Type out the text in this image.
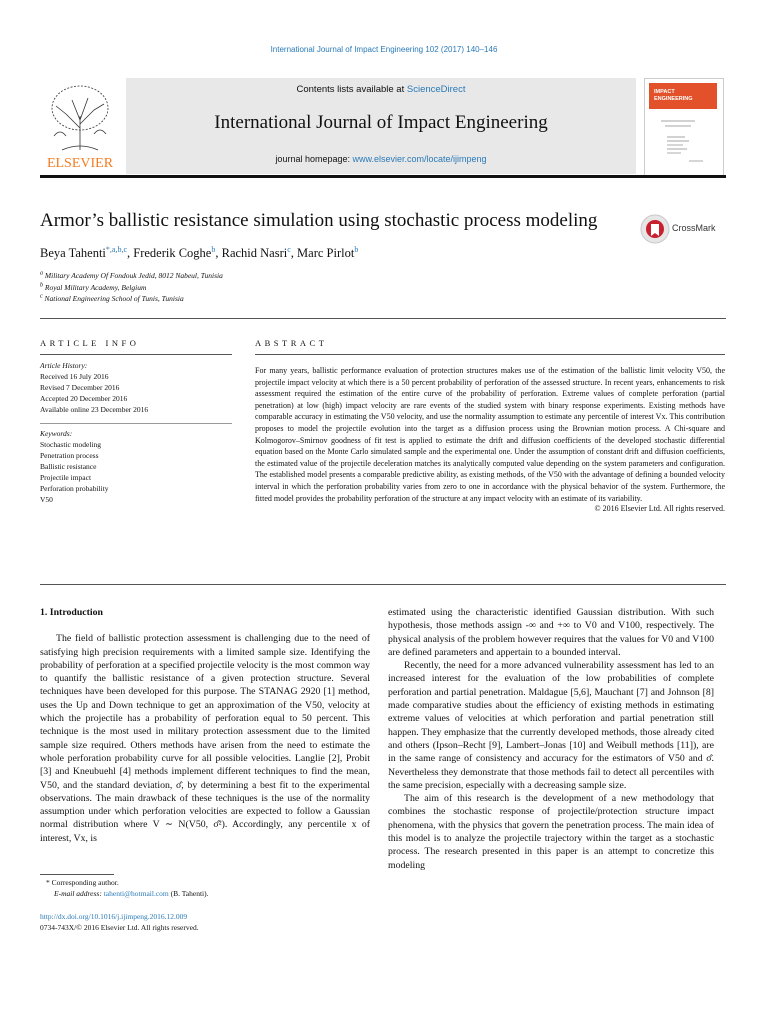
International Journal of Impact Engineering 102 (2017) 140–146
ELSEVIER
Contents lists available at ScienceDirect
International Journal of Impact Engineering
journal homepage: www.elsevier.com/locate/ijimpeng
IMPACT
ENGINEERING
Armor’s ballistic resistance simulation using stochastic process modeling	CrossMark
Beya Tahenti$^{*,a,b,c}$, Frederik Coghe$^b$, Rachid Nasri$^c$, Marc Pirlot$^b$
$^a$ Military Academy Of Fondouk Jedid, 8012 Nabeul, Tunisia
$^b$ Royal Military Academy, Belgium
$^c$ National Engineering School of Tunis, Tunisia
ARTICLE INFO
Article History:
Received 16 July 2016
Revised 7 December 2016
Accepted 20 December 2016
Available online 23 December 2016
Keywords:
Stochastic modeling
Penetration process
Ballistic resistance
Projectile impact
Perforation probability
V50
ABSTRACT
For many years, ballistic performance evaluation of protection structures makes use of the estimation of the ballistic limit velocity V50, the projectile impact velocity at which there is a 50 percent probability of perforation of the assessed structure. In recent years, enhancements to risk assessment required the estimation of the entire curve of the probability of perforation. Extreme values of complete perforation (partial penetration) at low (high) impact velocity are rare events of the studied system with binary response experiments. Existing methods have comparable accuracy in estimating the V50 velocity, and use the normality assumption to estimate any percentile of interest Vx. This contribution proposes to model the projectile evolution into the target as a diffusion process using the Brownian motion process. A Chi-square and Kolmogorov–Smirnov goodness of fit test is applied to estimate the drift and diffusion coefficients of the developed stochastic differential equation based on the Monte Carlo simulated sample and the experimental one. Under the assumption of constant drift and diffusion coefficients, the estimated value of the projectile deceleration matches its analytically computed value depending on the system parameters and configuration. The established model presents a comparable predictive ability, as existing methods, of the V50 with the advantage of defining a bounded velocity interval in which the perforation probability varies from zero to one in accordance with the physical behavior of the system. Furthermore, the fitted model provides the probability perforation of the structure at any impact velocity with an estimate of its variability.
© 2016 Elsevier Ltd. All rights reserved.

1. Introduction

The field of ballistic protection assessment is challenging due to the need of satisfying high precision requirements with a limited sample size. Identifying the probability of perforation at a specified projectile velocity is the most common way to quantify the ballistic resistance of a given protection structure. Several techniques have been developed for this purpose. The STANAG 2920 [1] method, uses the Up and Down technique to get an approximation of the V50, velocity at which the projectile has a probability of perforation equal to 50 percent. This technique is the most used in military protection assessment due to the limited sample size required. Others methods have arisen from the need to estimate the whole perforation probability curve for all possible velocities. Langlie [2], Probit [3] and Kneubuehl [4] methods implement different techniques to find the mean, V50, and the standard deviation, σ̂, by determining a best fit to the experimental observations. The main drawback of these techniques is the use of the normality assumption under which perforation velocities are expected to follow a Gaussian normal distribution where V ∼ N(V50, σ̂²). Accordingly, any percentile x of interest, Vx, is

estimated using the characteristic identified Gaussian distribution. With such hypothesis, those methods assign -∞ and +∞ to V0 and V100, respectively. The physical analysis of the problem however requires that the values for V0 and V100 are defined parameters and appertain to a bounded interval.

Recently, the need for a more advanced vulnerability assessment has led to an increased interest for the evaluation of the low probabilities of complete perforation and partial penetration. Maldague [5,6], Mauchant [7] and Johnson [8] made comparative studies about the efficiency of existing methods in estimating extreme values of velocities at which perforation and partial penetration still happen. They emphasize that the currently developed methods, those already cited and others (Ipson–Recht [9], Lambert–Jonas [10] and Weibull methods [11]), are in the same range of consistency and accuracy for the estimators of V50 and σ̂. Nevertheless they demonstrate that those methods fail to detect all percentiles with the same precision, especially with a decreasing sample size.

The aim of this research is the development of a new methodology that combines the stochastic response of projectile/protection structure impact phenomena, with the physics that govern the penetration process. The main idea of this model is to analyze the projectile trajectory within the target as a stochastic process. The research presented in this paper is an attempt to concretize this modeling

* Corresponding author.
E-mail address: tahenti@hotmail.com (B. Tahenti).
http://dx.doi.org/10.1016/j.ijimpeng.2016.12.009
0734-743X/© 2016 Elsevier Ltd. All rights reserved.
